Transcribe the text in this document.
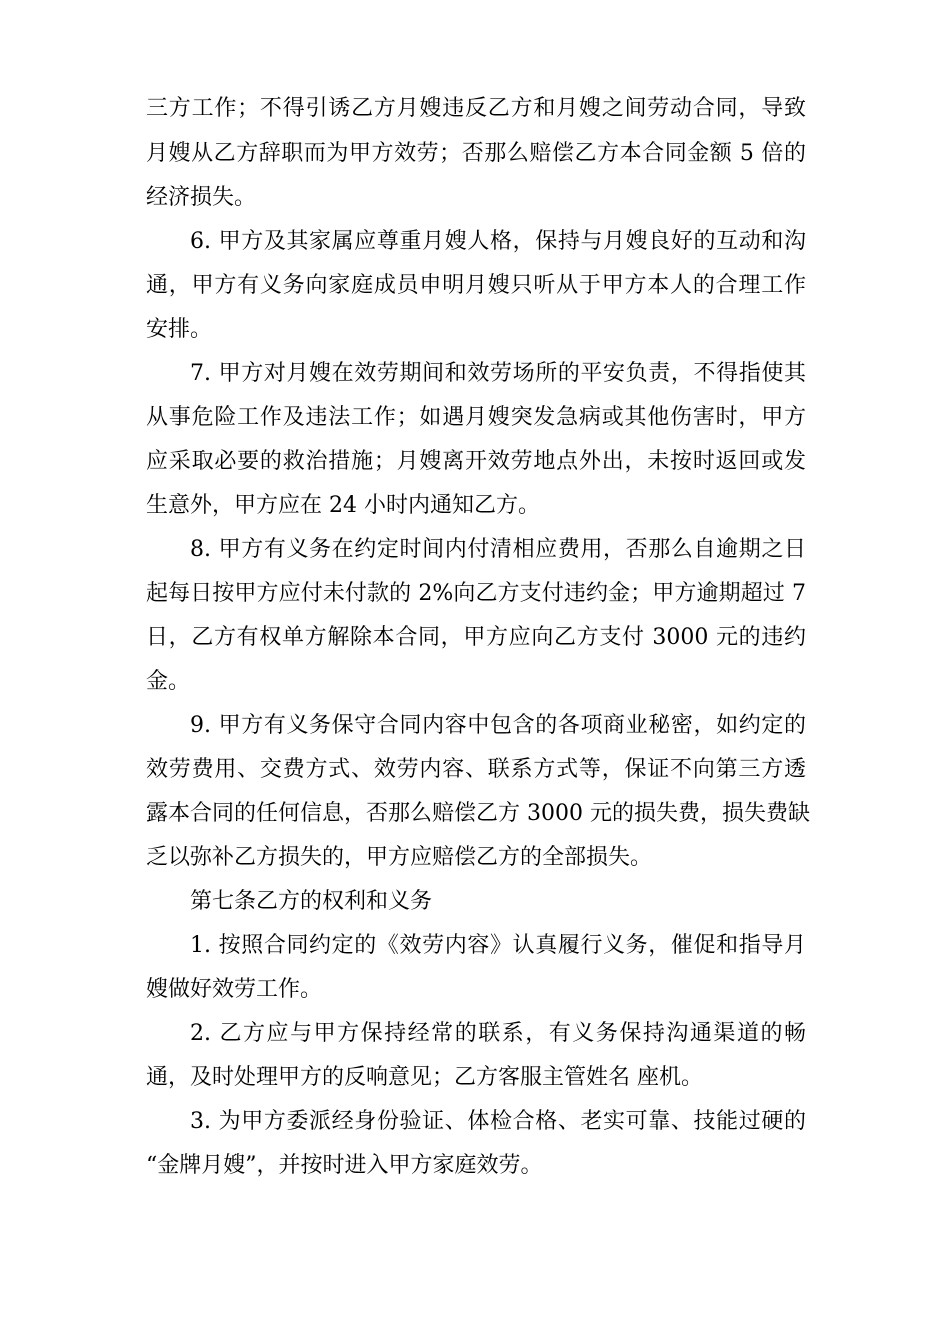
三方工作；不得引诱乙方月嫂违反乙方和月嫂之间劳动合同，导致
月嫂从乙方辞职而为甲方效劳；否那么赔偿乙方本合同金额 5 倍的
经济损失。
6. 甲方及其家属应尊重月嫂人格，保持与月嫂良好的互动和沟
通，甲方有义务向家庭成员申明月嫂只听从于甲方本人的合理工作
安排。
7. 甲方对月嫂在效劳期间和效劳场所的平安负责，不得指使其
从事危险工作及违法工作；如遇月嫂突发急病或其他伤害时，甲方
应采取必要的救治措施；月嫂离开效劳地点外出，未按时返回或发
生意外，甲方应在 24 小时内通知乙方。
8. 甲方有义务在约定时间内付清相应费用，否那么自逾期之日
起每日按甲方应付未付款的 2%向乙方支付违约金；甲方逾期超过 7
日，乙方有权单方解除本合同，甲方应向乙方支付 3000 元的违约
金。
9. 甲方有义务保守合同内容中包含的各项商业秘密，如约定的
效劳费用、交费方式、效劳内容、联系方式等，保证不向第三方透
露本合同的任何信息，否那么赔偿乙方 3000 元的损失费，损失费缺
乏以弥补乙方损失的，甲方应赔偿乙方的全部损失。
第七条乙方的权利和义务
1. 按照合同约定的《效劳内容》认真履行义务，催促和指导月
嫂做好效劳工作。
2. 乙方应与甲方保持经常的联系，有义务保持沟通渠道的畅
通，及时处理甲方的反响意见；乙方客服主管姓名 座机。
3. 为甲方委派经身份验证、体检合格、老实可靠、技能过硬的
“金牌月嫂”，并按时进入甲方家庭效劳。
